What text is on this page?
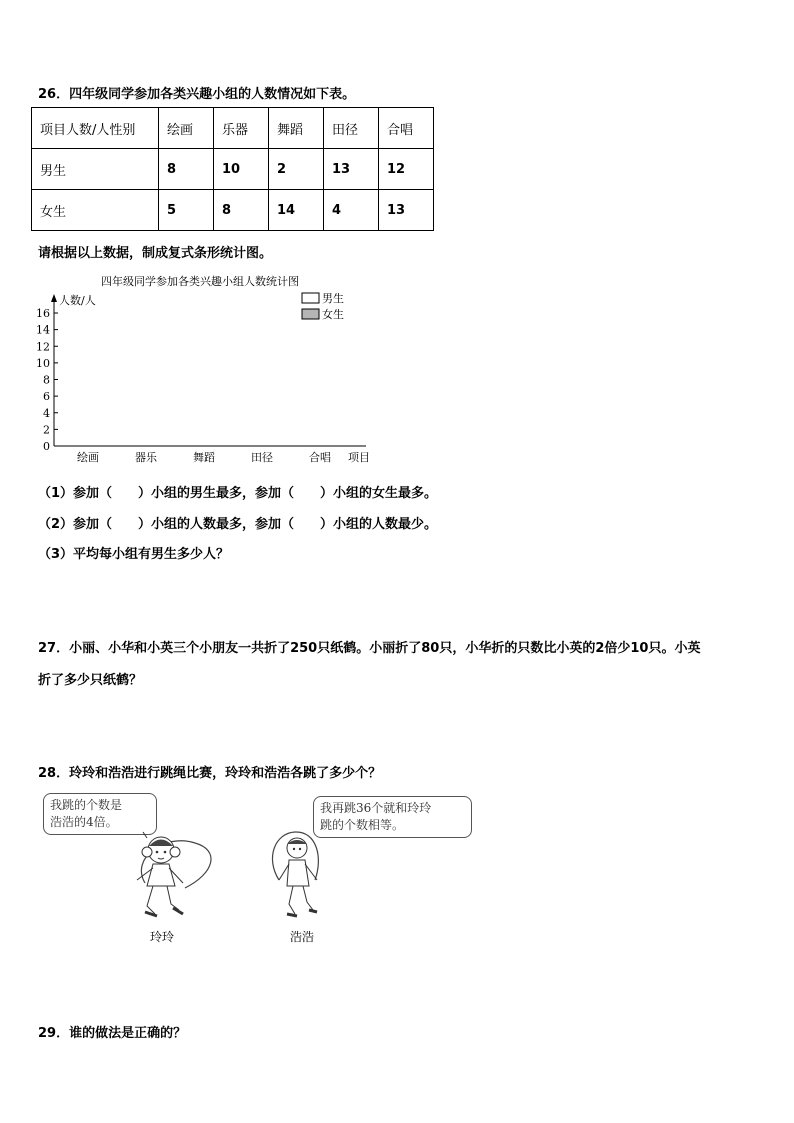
26．四年级同学参加各类兴趣小组的人数情况如下表。
项目人数/人性别	绘画	乐器	舞蹈	田径	合唱
男生	8	10	2	13	12
女生	5	8	14	4	13
请根据以上数据，制成复式条形统计图。
四年级同学参加各类兴趣小组人数统计图
人数/人
项目
0
2
4
6
8
10
12
14
16
绘画	器乐	舞蹈	田径	合唱
男生
女生
（1）参加（　　）小组的男生最多，参加（　　）小组的女生最多。
（2）参加（　　）小组的人数最多，参加（　　）小组的人数最少。
（3）平均每小组有男生多少人？
27．小丽、小华和小英三个小朋友一共折了250只纸鹤。小丽折了80只，小华折的只数比小英的2倍少10只。小英
折了多少只纸鹤？
28．玲玲和浩浩进行跳绳比赛，玲玲和浩浩各跳了多少个？
我跳的个数是
浩浩的4倍。
我再跳36个就和玲玲
跳的个数相等。
玲玲	浩浩
29．谁的做法是正确的？
